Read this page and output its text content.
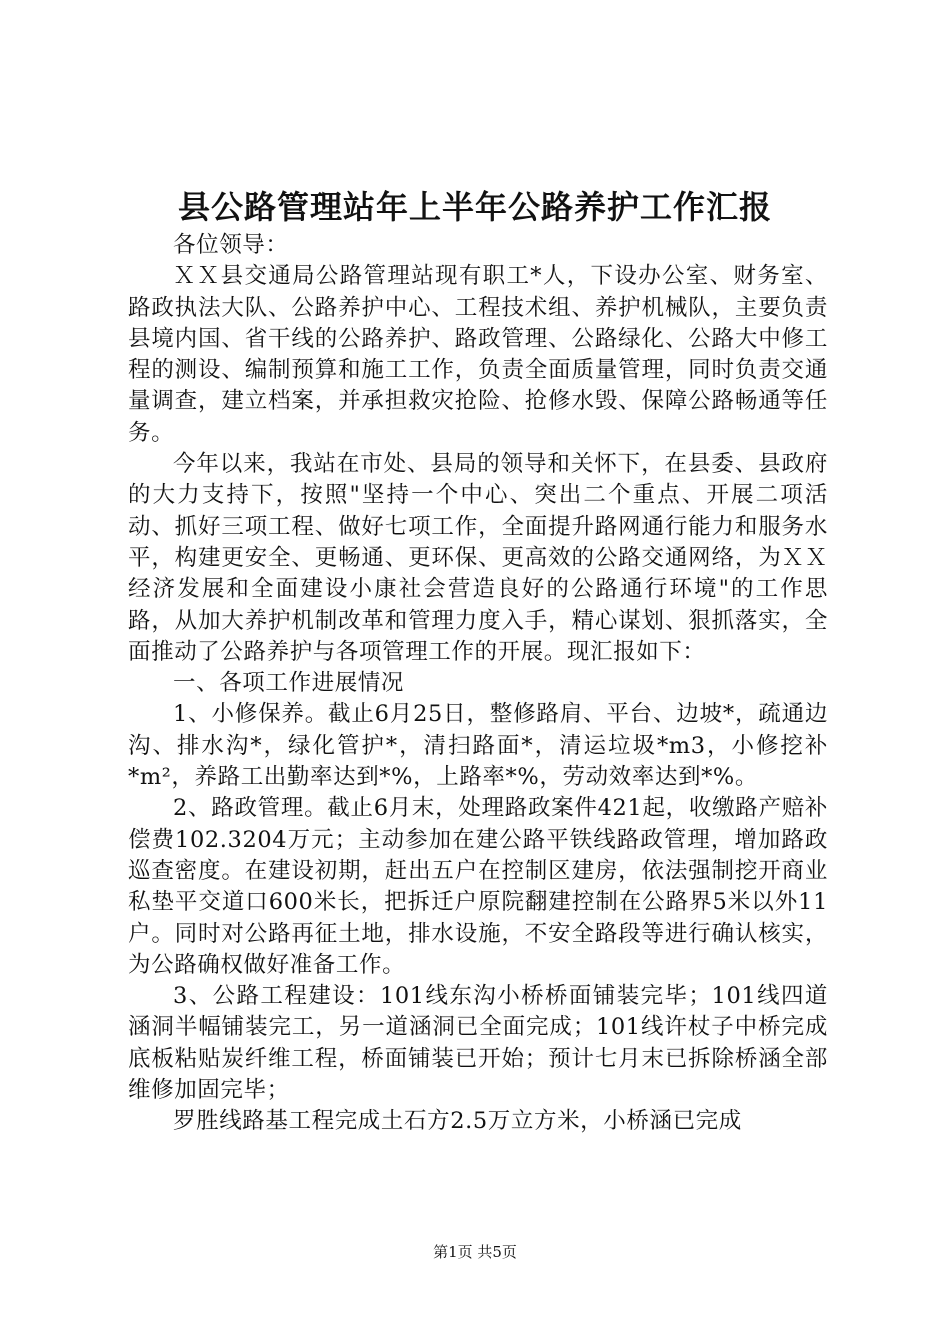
县公路管理站年上半年公路养护工作汇报

各位领导：

ＸＸ县交通局公路管理站现有职工*人，下设办公室、财务室、路政执法大队、公路养护中心、工程技术组、养护机械队，主要负责县境内国、省干线的公路养护、路政管理、公路绿化、公路大中修工程的测设、编制预算和施工工作，负责全面质量管理，同时负责交通量调查，建立档案，并承担救灾抢险、抢修水毁、保障公路畅通等任务。

今年以来，我站在市处、县局的领导和关怀下，在县委、县政府的大力支持下，按照"坚持一个中心、突出二个重点、开展二项活动、抓好三项工程、做好七项工作，全面提升路网通行能力和服务水平，构建更安全、更畅通、更环保、更高效的公路交通网络，为ＸＸ经济发展和全面建设小康社会营造良好的公路通行环境"的工作思路，从加大养护机制改革和管理力度入手，精心谋划、狠抓落实，全面推动了公路养护与各项管理工作的开展。现汇报如下：

一、各项工作进展情况

1、小修保养。截止6月25日，整修路肩、平台、边坡*，疏通边沟、排水沟*，绿化管护*，清扫路面*，清运垃圾*m3，小修挖补*m²，养路工出勤率达到*%，上路率*%，劳动效率达到*%。

2、路政管理。截止6月末，处理路政案件421起，收缴路产赔补偿费102.3204万元；主动参加在建公路平铁线路政管理，增加路政巡查密度。在建设初期，赶出五户在控制区建房，依法强制挖开商业私垫平交道口600米长，把拆迁户原院翻建控制在公路界5米以外11户。同时对公路再征土地，排水设施，不安全路段等进行确认核实，为公路确权做好准备工作。

3、公路工程建设：101线东沟小桥桥面铺装完毕；101线四道涵洞半幅铺装完工，另一道涵洞已全面完成；101线许杖子中桥完成底板粘贴炭纤维工程，桥面铺装已开始；预计七月末已拆除桥涵全部维修加固完毕；

罗胜线路基工程完成土石方2.5万立方米，小桥涵已完成

第1页 共5页
